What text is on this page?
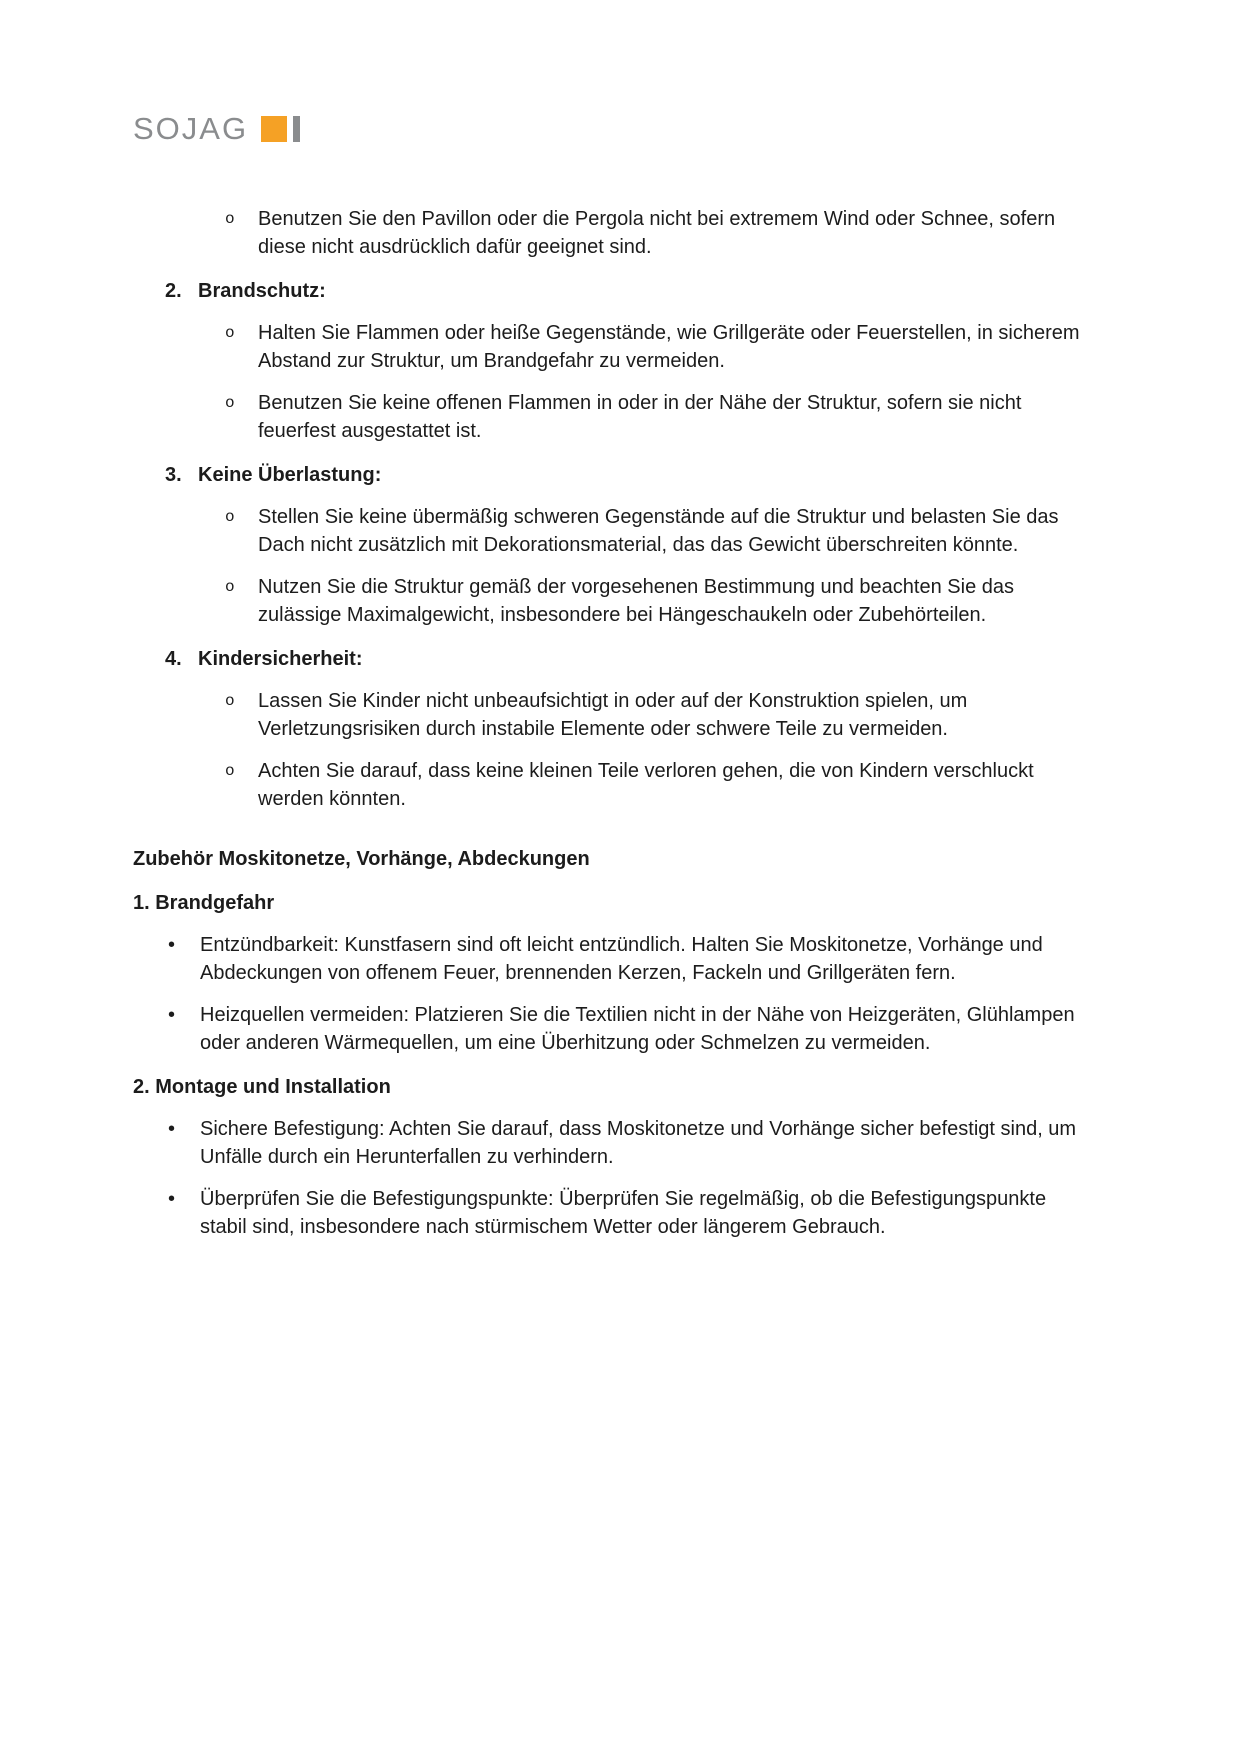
SOJAG
o	Benutzen Sie den Pavillon oder die Pergola nicht bei extremem Wind oder Schnee, sofern diese nicht ausdrücklich dafür geeignet sind.
2. Brandschutz:
o	Halten Sie Flammen oder heiße Gegenstände, wie Grillgeräte oder Feuerstellen, in sicherem Abstand zur Struktur, um Brandgefahr zu vermeiden.
o	Benutzen Sie keine offenen Flammen in oder in der Nähe der Struktur, sofern sie nicht feuerfest ausgestattet ist.
3. Keine Überlastung:
o	Stellen Sie keine übermäßig schweren Gegenstände auf die Struktur und belasten Sie das Dach nicht zusätzlich mit Dekorationsmaterial, das das Gewicht überschreiten könnte.
o	Nutzen Sie die Struktur gemäß der vorgesehenen Bestimmung und beachten Sie das zulässige Maximalgewicht, insbesondere bei Hängeschaukeln oder Zubehörteilen.
4. Kindersicherheit:
o	Lassen Sie Kinder nicht unbeaufsichtigt in oder auf der Konstruktion spielen, um Verletzungsrisiken durch instabile Elemente oder schwere Teile zu vermeiden.
o	Achten Sie darauf, dass keine kleinen Teile verloren gehen, die von Kindern verschluckt werden könnten.
Zubehör Moskitonetze, Vorhänge, Abdeckungen
1. Brandgefahr
•	Entzündbarkeit: Kunstfasern sind oft leicht entzündlich. Halten Sie Moskitonetze, Vorhänge und Abdeckungen von offenem Feuer, brennenden Kerzen, Fackeln und Grillgeräten fern.
•	Heizquellen vermeiden: Platzieren Sie die Textilien nicht in der Nähe von Heizgeräten, Glühlampen oder anderen Wärmequellen, um eine Überhitzung oder Schmelzen zu vermeiden.
2. Montage und Installation
•	Sichere Befestigung: Achten Sie darauf, dass Moskitonetze und Vorhänge sicher befestigt sind, um Unfälle durch ein Herunterfallen zu verhindern.
•	Überprüfen Sie die Befestigungspunkte: Überprüfen Sie regelmäßig, ob die Befestigungspunkte stabil sind, insbesondere nach stürmischem Wetter oder längerem Gebrauch.
